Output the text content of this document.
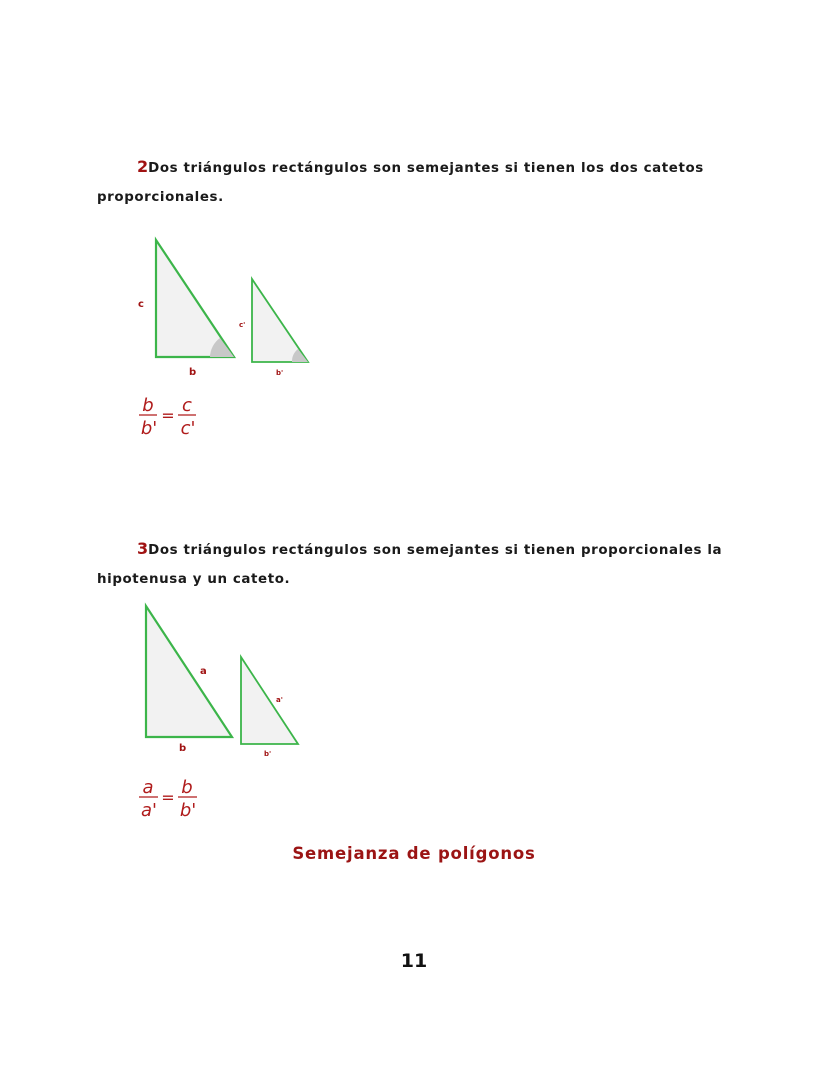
2Dos triángulos rectángulos son semejantes si tienen los dos catetos
proporcionales.

c
b
c'
b'
b
b'
= c
c'

3Dos triángulos rectángulos son semejantes si tienen proporcionales la
hipotenusa y un cateto.

a
b
a'
b'
a
a'
= b
b'
Semejanza de polígonos
11
